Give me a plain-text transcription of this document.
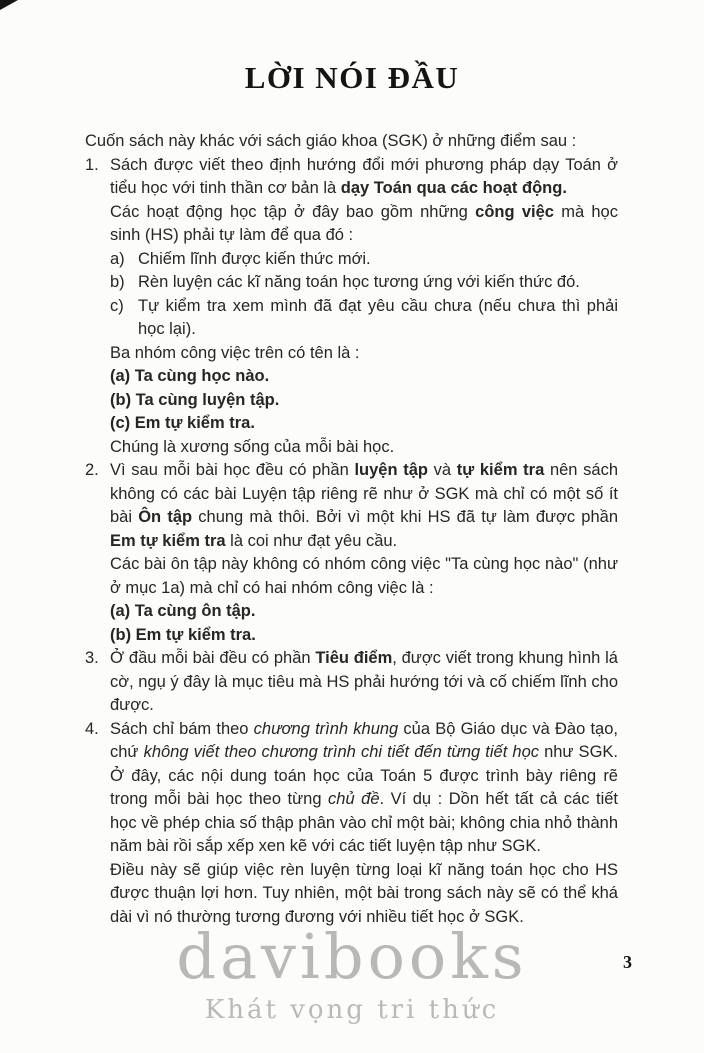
LỜI NÓI ĐẦU
Cuốn sách này khác với sách giáo khoa (SGK) ở những điểm sau :
1. Sách được viết theo định hướng đổi mới phương pháp dạy Toán ở tiểu học với tinh thần cơ bản là dạy Toán qua các hoạt động.
Các hoạt động học tập ở đây bao gồm những công việc mà học sinh (HS) phải tự làm để qua đó :
a) Chiếm lĩnh được kiến thức mới.
b) Rèn luyện các kĩ năng toán học tương ứng với kiến thức đó.
c) Tự kiểm tra xem mình đã đạt yêu cầu chưa (nếu chưa thì phải học lại).
Ba nhóm công việc trên có tên là :
(a) Ta cùng học nào.
(b) Ta cùng luyện tập.
(c) Em tự kiểm tra.
Chúng là xương sống của mỗi bài học.
2. Vì sau mỗi bài học đều có phần luyện tập và tự kiểm tra nên sách không có các bài Luyện tập riêng rẽ như ở SGK mà chỉ có một số ít bài Ôn tập chung mà thôi. Bởi vì một khi HS đã tự làm được phần Em tự kiểm tra là coi như đạt yêu cầu.
Các bài ôn tập này không có nhóm công việc "Ta cùng học nào" (như ở mục 1a) mà chỉ có hai nhóm công việc là :
(a) Ta cùng ôn tập.
(b) Em tự kiểm tra.
3. Ở đầu mỗi bài đều có phần Tiêu điểm, được viết trong khung hình lá cờ, ngụ ý đây là mục tiêu mà HS phải hướng tới và cố chiếm lĩnh cho được.
4. Sách chỉ bám theo chương trình khung của Bộ Giáo dục và Đào tạo, chứ không viết theo chương trình chi tiết đến từng tiết học như SGK. Ở đây, các nội dung toán học của Toán 5 được trình bày riêng rẽ trong mỗi bài học theo từng chủ đề. Ví dụ : Dồn hết tất cả các tiết học về phép chia số thập phân vào chỉ một bài; không chia nhỏ thành năm bài rồi sắp xếp xen kẽ với các tiết luyện tập như SGK.
Điều này sẽ giúp việc rèn luyện từng loại kĩ năng toán học cho HS được thuận lợi hơn. Tuy nhiên, một bài trong sách này sẽ có thể khá dài vì nó thường tương đương với nhiều tiết học ở SGK.
davibooks
Khát vọng tri thức
3
